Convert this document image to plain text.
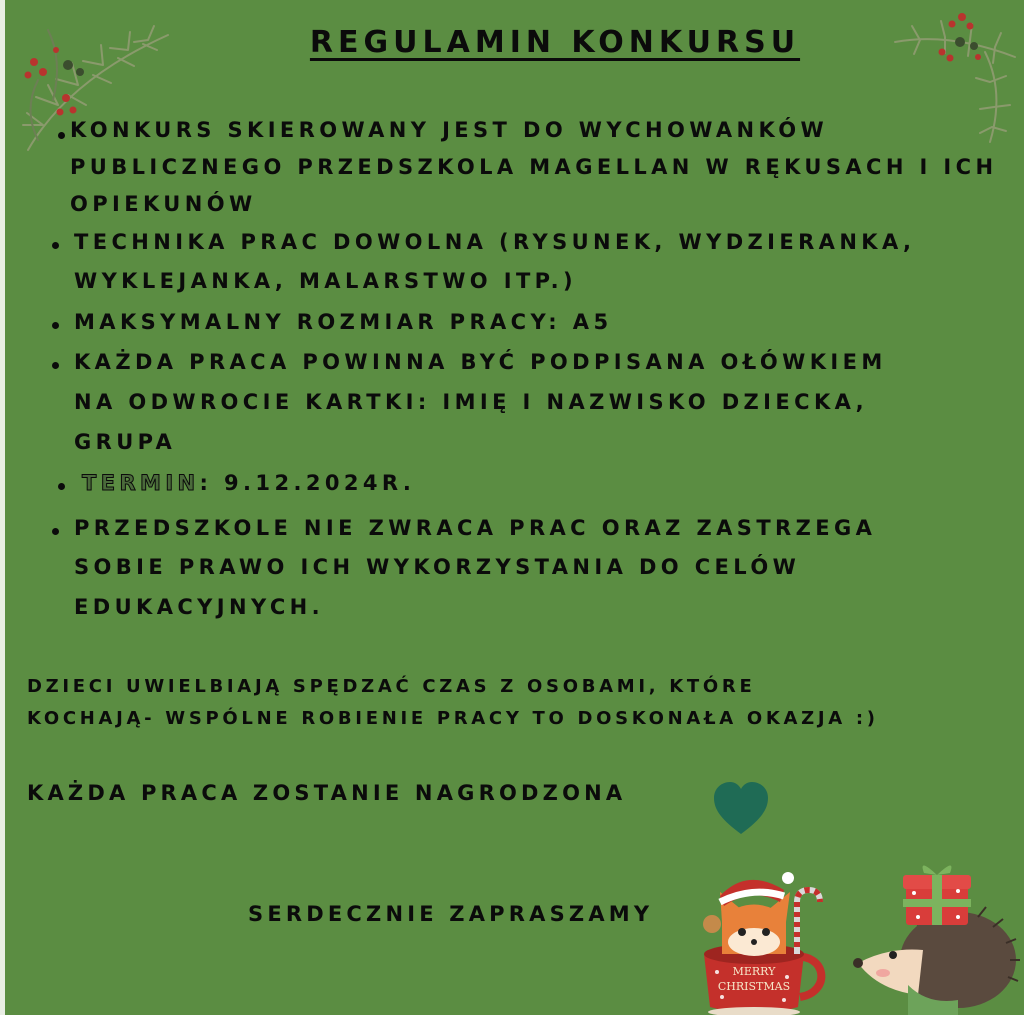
REGULAMIN KONKURSU

KONKURS SKIEROWANY JEST DO WYCHOWANKÓW

PUBLICZNEGO PRZEDSZKOLA MAGELLAN W RĘKUSACH I ICH

OPIEKUNÓW

TECHNIKA PRAC DOWOLNA (RYSUNEK, WYDZIERANKA,

WYKLEJANKA, MALARSTWO ITP.)

MAKSYMALNY ROZMIAR PRACY: A5

KAŻDA PRACA POWINNA BYĆ PODPISANA OŁÓWKIEM

NA ODWROCIE KARTKI: IMIĘ I NAZWISKO DZIECKA,

GRUPA

TERMIN: 9.12.2024R.

PRZEDSZKOLE NIE ZWRACA PRAC ORAZ ZASTRZEGA

SOBIE PRAWO ICH WYKORZYSTANIA DO CELÓW

EDUKACYJNYCH.

DZIECI UWIELBIAJĄ SPĘDZAĆ CZAS Z OSOBAMI, KTÓRE

KOCHAJĄ- WSPÓLNE ROBIENIE PRACY TO DOSKONAŁA OKAZJA :)

KAŻDA PRACA ZOSTANIE NAGRODZONA

SERDECZNIE ZAPRASZAMY

MERRY
CHRISTMAS
